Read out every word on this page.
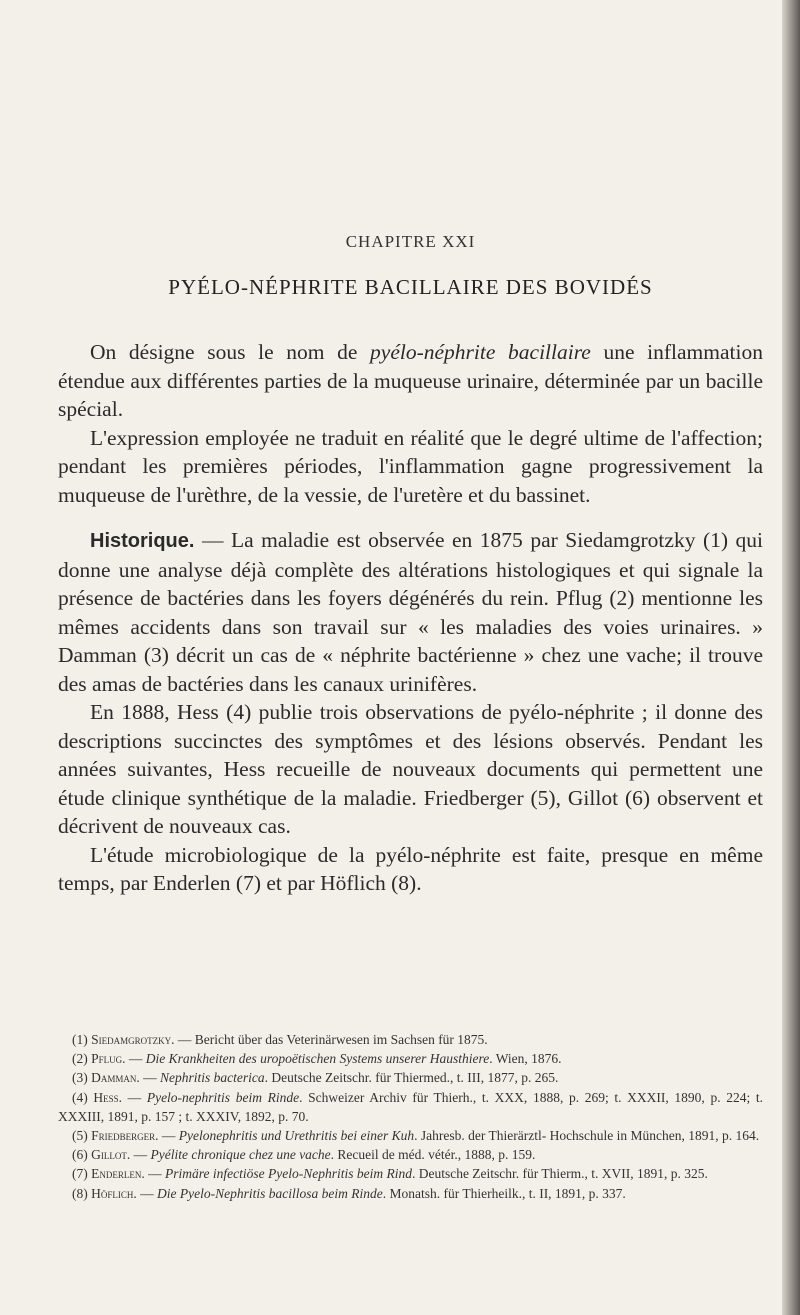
CHAPITRE XXI
PYÉLO-NÉPHRITE BACILLAIRE DES BOVIDÉS

On désigne sous le nom de pyélo-néphrite bacillaire une inflammation étendue aux différentes parties de la muqueuse urinaire, déterminée par un bacille spécial.

L'expression employée ne traduit en réalité que le degré ultime de l'affection; pendant les premières périodes, l'inflammation gagne progressivement la muqueuse de l'urèthre, de la vessie, de l'uretère et du bassinet.

Historique. — La maladie est observée en 1875 par Siedamgrotzky (1) qui donne une analyse déjà complète des altérations histologiques et qui signale la présence de bactéries dans les foyers dégénérés du rein. Pflug (2) mentionne les mêmes accidents dans son travail sur « les maladies des voies urinaires. » Damman (3) décrit un cas de « néphrite bactérienne » chez une vache; il trouve des amas de bactéries dans les canaux urinifères.

En 1888, Hess (4) publie trois observations de pyélo-néphrite ; il donne des descriptions succinctes des symptômes et des lésions observés. Pendant les années suivantes, Hess recueille de nouveaux documents qui permettent une étude clinique synthétique de la maladie. Friedberger (5), Gillot (6) observent et décrivent de nouveaux cas.

L'étude microbiologique de la pyélo-néphrite est faite, presque en même temps, par Enderlen (7) et par Höflich (8).

(1) Siedamgrotzky. — Bericht über das Veterinärwesen im Sachsen für 1875.

(2) Pflug. — Die Krankheiten des uropoëtischen Systems unserer Hausthiere. Wien, 1876.

(3) Damman. — Nephritis bacterica. Deutsche Zeitschr. für Thiermed., t. III, 1877, p. 265.

(4) Hess. — Pyelo-nephritis beim Rinde. Schweizer Archiv für Thierh., t. XXX, 1888, p. 269; t. XXXII, 1890, p. 224; t. XXXIII, 1891, p. 157 ; t. XXXIV, 1892, p. 70.

(5) Friedberger. — Pyelonephritis und Urethritis bei einer Kuh. Jahresb. der Thierärztl- Hochschule in München, 1891, p. 164.

(6) Gillot. — Pyélite chronique chez une vache. Recueil de méd. vétér., 1888, p. 159.

(7) Enderlen. — Primäre infectiöse Pyelo-Nephritis beim Rind. Deutsche Zeitschr. für Thierm., t. XVII, 1891, p. 325.

(8) Höflich. — Die Pyelo-Nephritis bacillosa beim Rinde. Monatsh. für Thierheilk., t. II, 1891, p. 337.
